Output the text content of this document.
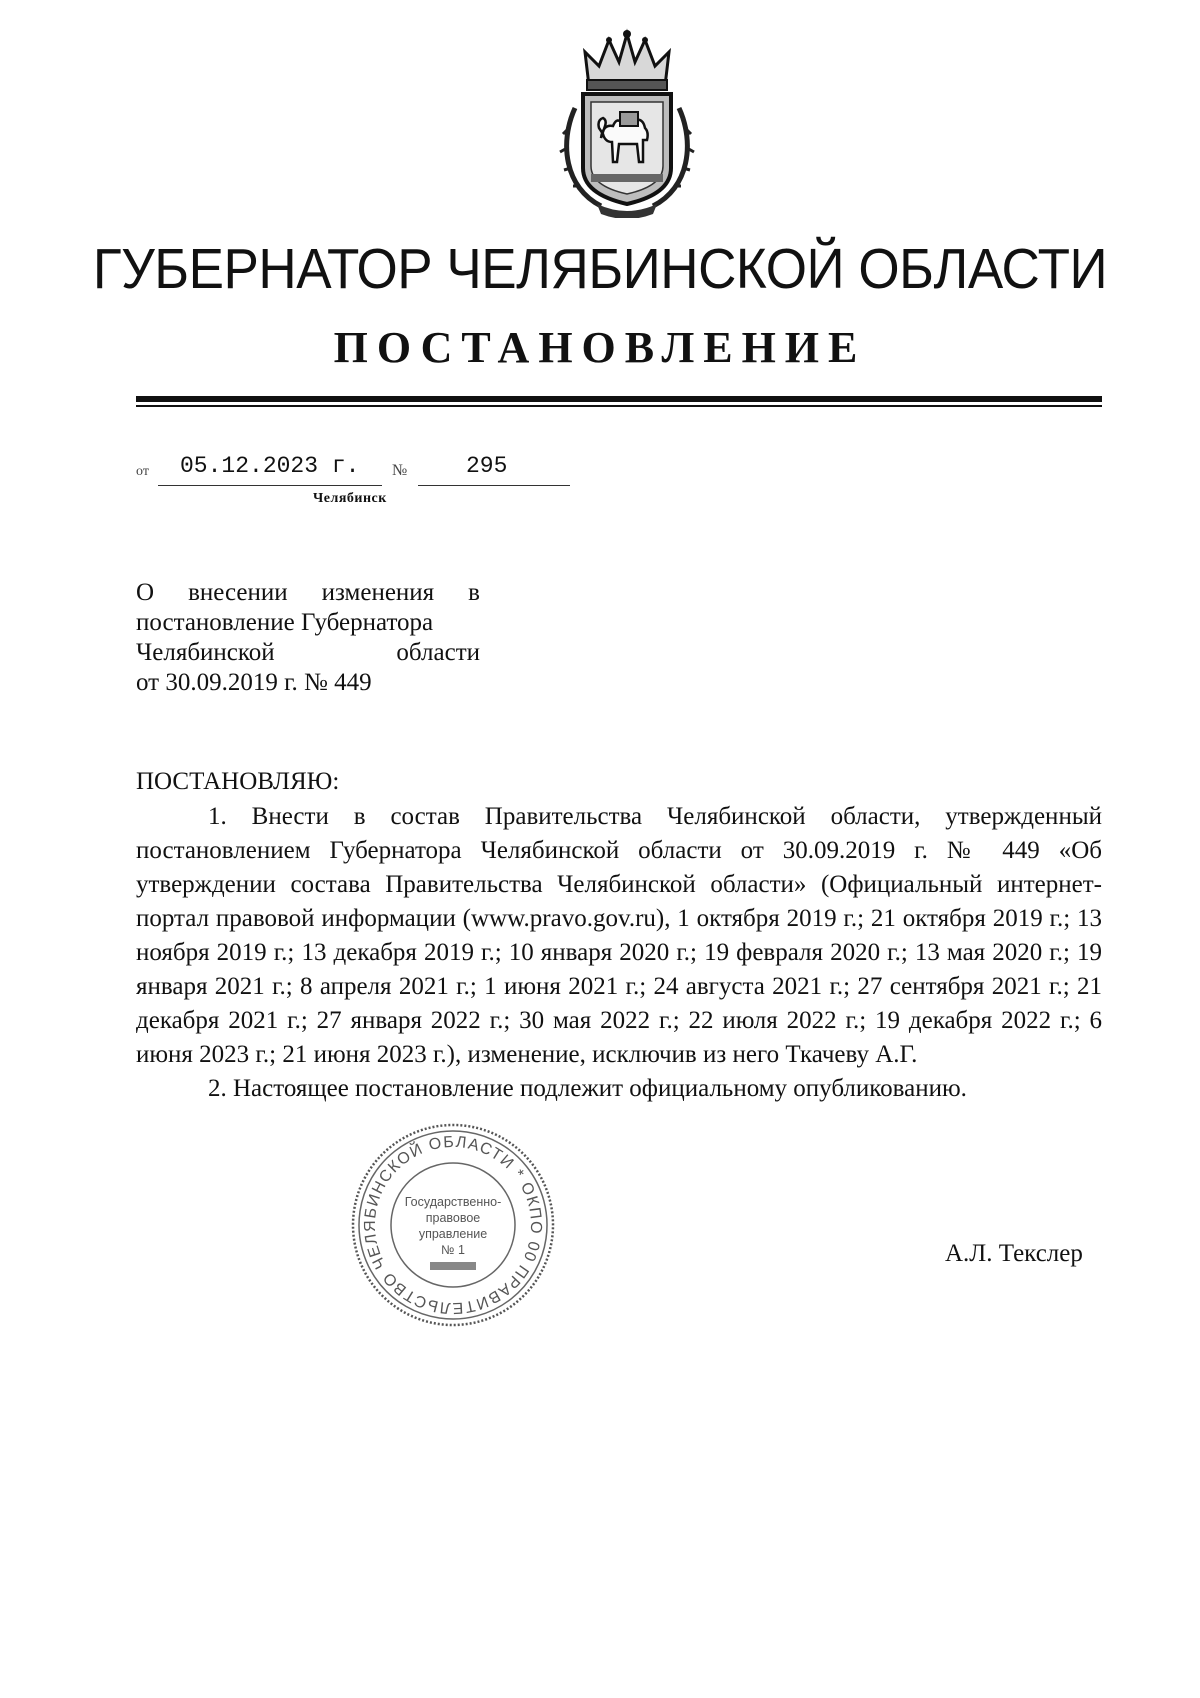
ГУБЕРНАТОР ЧЕЛЯБИНСКОЙ ОБЛАСТИ
ПОСТАНОВЛЕНИЕ
от 05.12.2023 г. №	295
Челябинск
О внесении изменения в
постановление Губернатора
Челябинской области
от 30.09.2019 г. № 449
ПОСТАНОВЛЯЮ:

1. Внести в состав Правительства Челябинской области, утвержденный постановлением Губернатора Челябинской области от 30.09.2019 г. № 449 «Об утверждении состава Правительства Челябинской области» (Официальный интернет-портал правовой информации (www.pravo.gov.ru), 1 октября 2019 г.; 21 октября 2019 г.; 13 ноября 2019 г.; 13 декабря 2019 г.; 10 января 2020 г.; 19 февраля 2020 г.; 13 мая 2020 г.; 19 января 2021 г.; 8 апреля 2021 г.; 1 июня 2021 г.; 24 августа 2021 г.; 27 сентября 2021 г.; 21 декабря 2021 г.; 27 января 2022 г.; 30 мая 2022 г.; 22 июля 2022 г.; 19 декабря 2022 г.; 6 июня 2023 г.; 21 июня 2023 г.), изменение, исключив из него Ткачеву А.Г.

2. Настоящее постановление подлежит официальному опубликованию.

ПРАВИТЕЛЬСТВО ЧЕЛЯБИНСКОЙ ОБЛАСТИ * ОКПО 00022243
Государственно-
правовое
управление
№ 1	А.Л. Текслер
